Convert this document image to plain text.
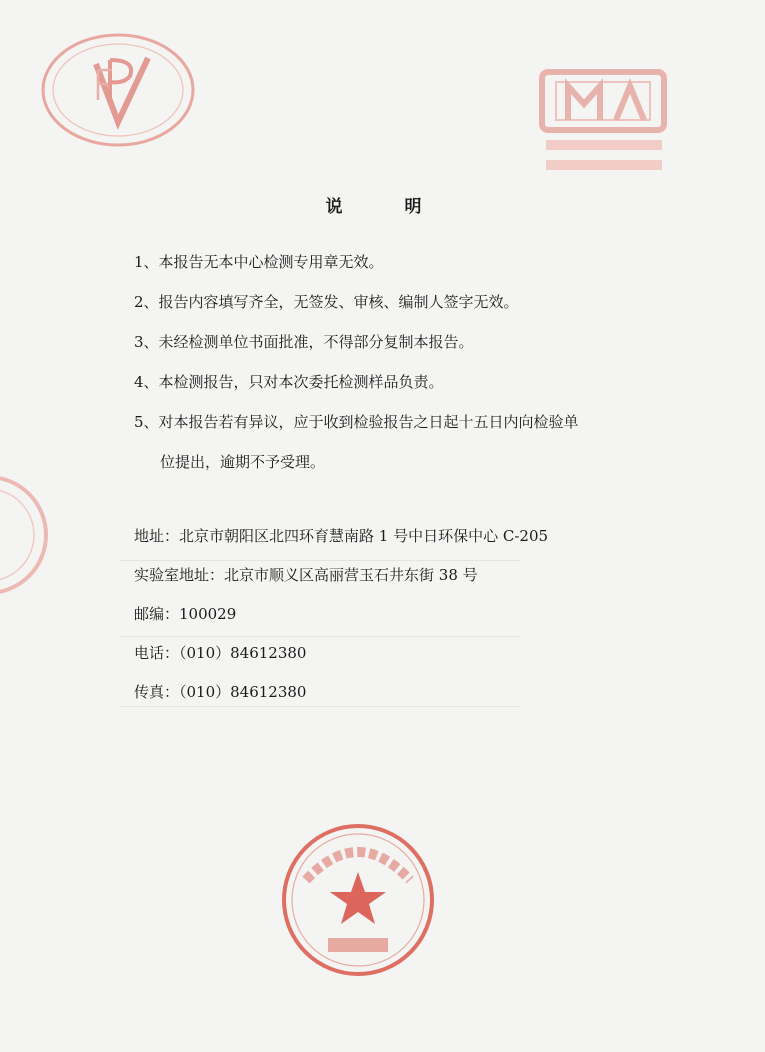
说 明
1、本报告无本中心检测专用章无效。
2、报告内容填写齐全，无签发、审核、编制人签字无效。
3、未经检测单位书面批准，不得部分复制本报告。
4、本检测报告，只对本次委托检测样品负责。
5、对本报告若有异议，应于收到检验报告之日起十五日内向检验单
位提出，逾期不予受理。
地址：北京市朝阳区北四环育慧南路 1 号中日环保中心 C-205
实验室地址：北京市顺义区高丽营玉石井东街 38 号
邮编：100029
电话：（010）84612380
传真：（010）84612380
